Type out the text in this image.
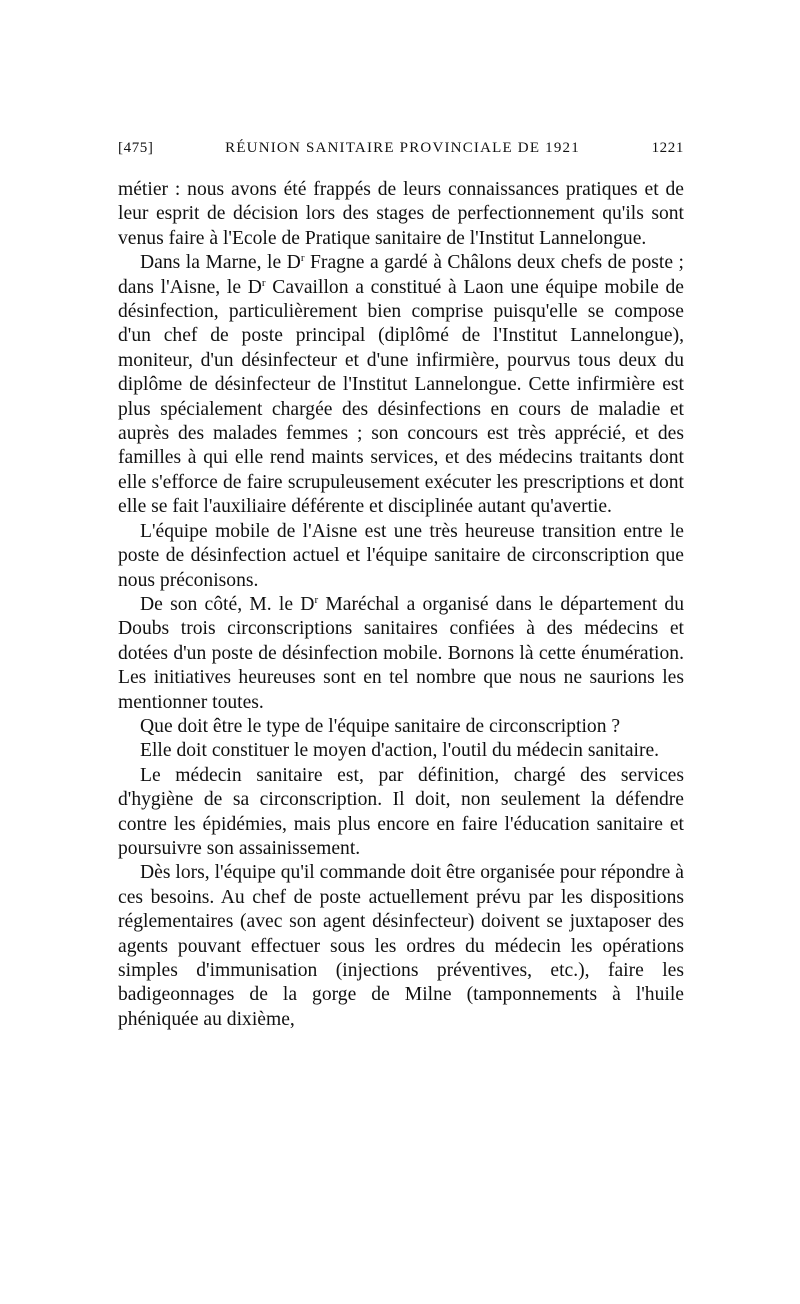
[475]	RÉUNION SANITAIRE PROVINCIALE DE 1921	1221

métier : nous avons été frappés de leurs connaissances pratiques et de leur esprit de décision lors des stages de perfectionnement qu'ils sont venus faire à l'Ecole de Pratique sanitaire de l'Institut Lannelongue.

Dans la Marne, le $D^r$ Fragne a gardé à Châlons deux chefs de poste ; dans l'Aisne, le $D^r$ Cavaillon a constitué à Laon une équipe mobile de désinfection, particulièrement bien comprise puisqu'elle se compose d'un chef de poste principal (diplômé de l'Institut Lannelongue), moniteur, d'un désinfecteur et d'une infirmière, pourvus tous deux du diplôme de désinfecteur de l'Institut Lannelongue. Cette infirmière est plus spécialement chargée des désinfections en cours de maladie et auprès des malades femmes ; son concours est très apprécié, et des familles à qui elle rend maints services, et des médecins traitants dont elle s'efforce de faire scrupuleusement exécuter les prescriptions et dont elle se fait l'auxiliaire déférente et disciplinée autant qu'avertie.

L'équipe mobile de l'Aisne est une très heureuse transition entre le poste de désinfection actuel et l'équipe sanitaire de circonscription que nous préconisons.

De son côté, M. le $D^r$ Maréchal a organisé dans le département du Doubs trois circonscriptions sanitaires confiées à des médecins et dotées d'un poste de désinfection mobile. Bornons là cette énumération. Les initiatives heureuses sont en tel nombre que nous ne saurions les mentionner toutes.

Que doit être le type de l'équipe sanitaire de circonscription ?

Elle doit constituer le moyen d'action, l'outil du médecin sanitaire.

Le médecin sanitaire est, par définition, chargé des services d'hygiène de sa circonscription. Il doit, non seulement la défendre contre les épidémies, mais plus encore en faire l'éducation sanitaire et poursuivre son assainissement.

Dès lors, l'équipe qu'il commande doit être organisée pour répondre à ces besoins. Au chef de poste actuellement prévu par les dispositions réglementaires (avec son agent désinfecteur) doivent se juxtaposer des agents pouvant effectuer sous les ordres du médecin les opérations simples d'immunisation (injections préventives, etc.), faire les badigeonnages de la gorge de Milne (tamponnements à l'huile phéniquée au dixième,
